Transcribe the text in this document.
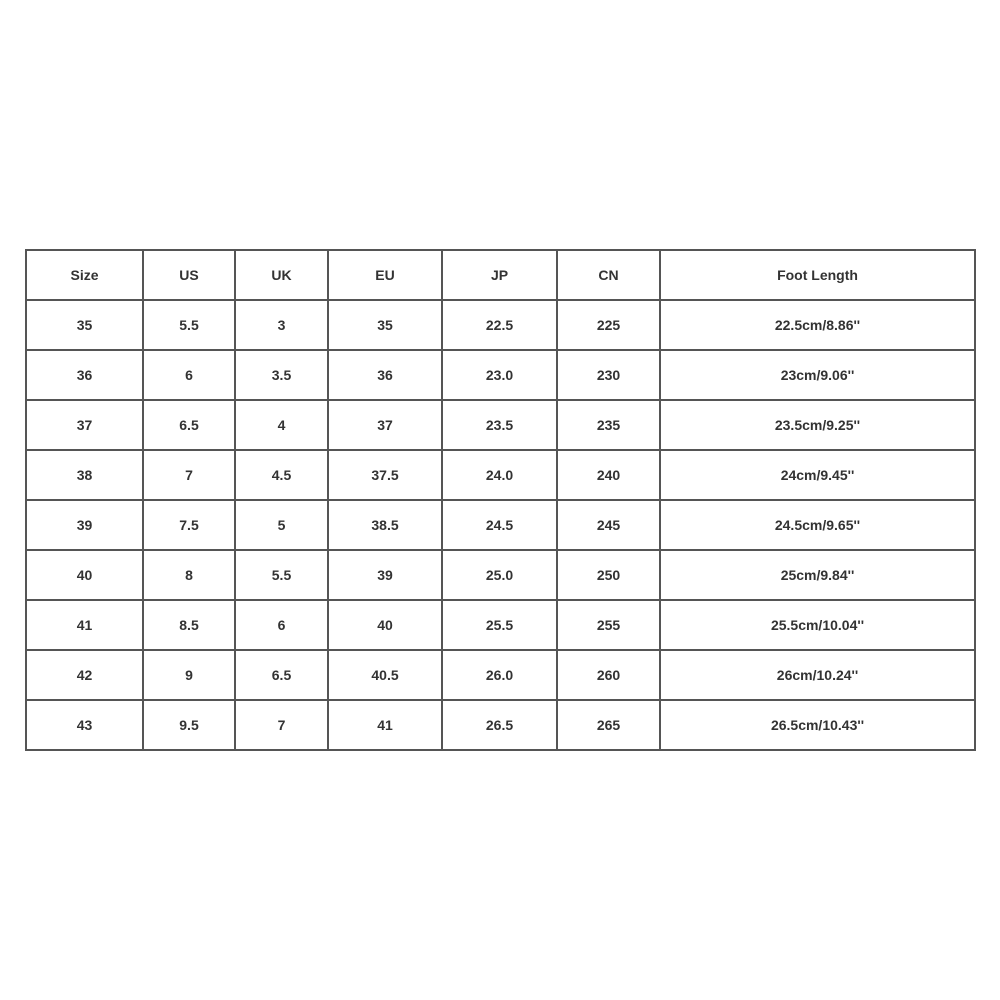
Size	US	UK	EU	JP	CN	Foot Length
35	5.5	3	35	22.5	225	22.5cm/8.86''
36	6	3.5	36	23.0	230	23cm/9.06''
37	6.5	4	37	23.5	235	23.5cm/9.25''
38	7	4.5	37.5	24.0	240	24cm/9.45''
39	7.5	5	38.5	24.5	245	24.5cm/9.65''
40	8	5.5	39	25.0	250	25cm/9.84''
41	8.5	6	40	25.5	255	25.5cm/10.04''
42	9	6.5	40.5	26.0	260	26cm/10.24''
43	9.5	7	41	26.5	265	26.5cm/10.43''
